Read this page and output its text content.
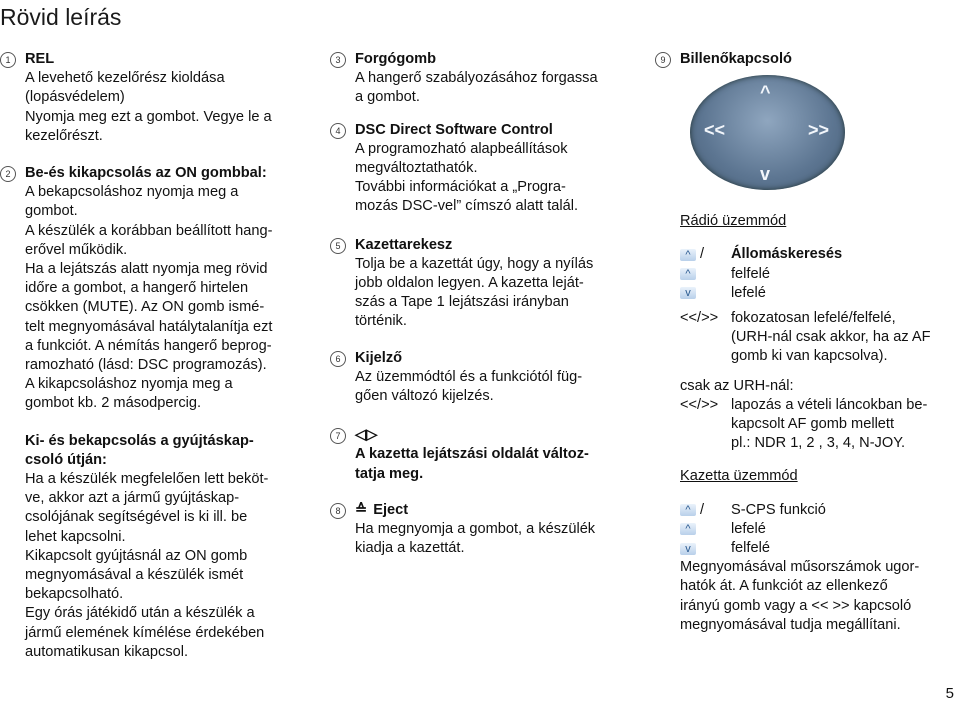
Rövid leírás
1 REL
A levehető kezelőrész kioldása
(lopásvédelem)
Nyomja meg ezt a gombot. Vegye le a
kezelőrészt.
2 Be-és kikapcsolás az ON gombbal:
A bekapcsoláshoz nyomja meg a
gombot.
A készülék a korábban beállított hang-
erővel működik.
Ha a lejátszás alatt nyomja meg rövid
időre a gombot, a hangerő hirtelen
csökken (MUTE). Az ON gomb ismé-
telt megnyomásával hatálytalanítja ezt
a funkciót. A némítás hangerő beprog-
ramozható (lásd: DSC programozás).
A kikapcsoláshoz nyomja meg a
gombot kb. 2 másodpercig.
Ki- és bekapcsolás a gyújtáskap-
csoló útján:
Ha a készülék megfelelően lett beköt-
ve, akkor azt a jármű gyújtáskap-
csolójának segítségével is ki ill. be
lehet kapcsolni.
Kikapcsolt gyújtásnál az ON gomb
megnyomásával a készülék ismét
bekapcsolható.
Egy órás játékidő után a készülék a
jármű elemének kímélése érdekében
automatikusan kikapcsol.
3 Forgógomb
A hangerő szabályozásához forgassa
a gombot.
4 DSC Direct Software Control
A programozható alapbeállítások
megváltoztathatók.
További információkat a „Progra-
mozás DSC-vel” címszó alatt talál.
5 Kazettarekesz
Tolja be a kazettát úgy, hogy a nyílás
jobb oldalon legyen. A kazetta leját-
szás a Tape 1 lejátszási irányban
történik.
6 Kijelző
Az üzemmódtól és a funkciótól füg-
gően változó kijelzés.
7 ◁▷
A kazetta lejátszási oldalát változ-
tatja meg.
8 ≙ Eject
Ha megnyomja a gombot, a készülék
kiadja a kazettát.
9 Billenőkapcsoló
^
v
<<	>>
Rádió üzemmód
^ / Állomáskeresés
^	felfelé
v	lefelé
<</>> fokozatosan lefelé/felfelé,
(URH-nál csak akkor, ha az AF
gomb ki van kapcsolva).
csak az URH-nál:
<</>> lapozás a vételi láncokban be-
kapcsolt AF gomb mellett
pl.: NDR 1, 2 , 3, 4, N-JOY.
Kazetta üzemmód
^ / S-CPS funkció
^	lefelé
v	felfelé
Megnyomásával műsorszámok ugor-
hatók át. A funkciót az ellenkező
irányú gomb vagy a << >> kapcsoló
megnyomásával tudja megállítani.
5
